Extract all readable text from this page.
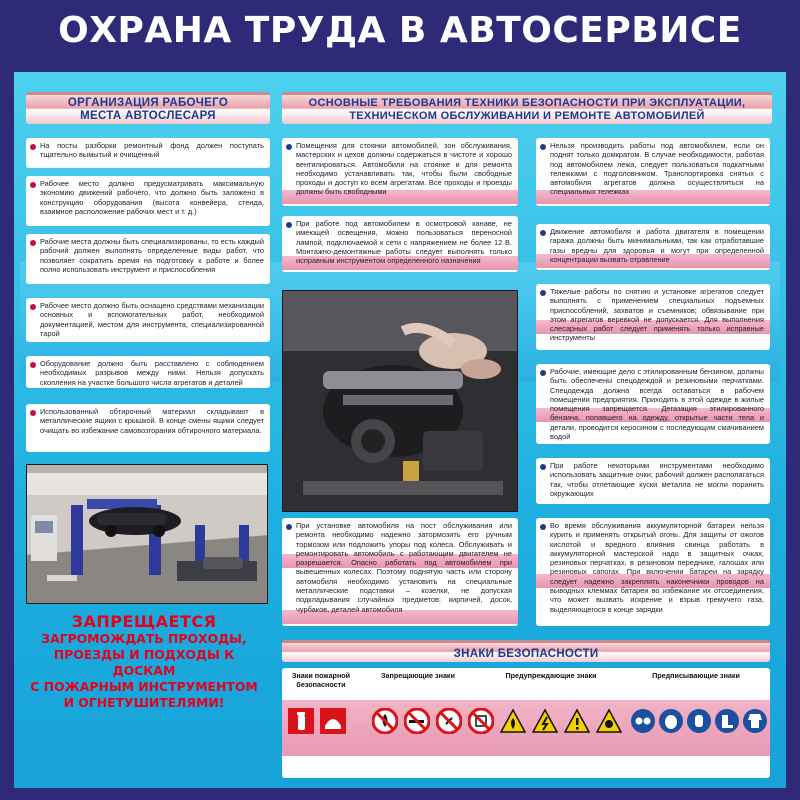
ОХРАНА ТРУДА В АВТОСЕРВИСЕ
ОРГАНИЗАЦИЯ РАБОЧЕГО
МЕСТА АВТОСЛЕСАРЯ
ОСНОВНЫЕ ТРЕБОВАНИЯ ТЕХНИКИ БЕЗОПАСНОСТИ ПРИ ЭКСПЛУАТАЦИИ,
ТЕХНИЧЕСКОМ ОБСЛУЖИВАНИИ И РЕМОНТЕ АВТОМОБИЛЕЙ

На посты разборки ремонтный фонд должен поступать тщательно вымытый и очищенный

Рабочее место должно предусматривать максимальную экономию движений рабочего, что должно быть заложено в конструкцию оборудования (высота конвейера, стенда, взаимное расположение рабочих мест и т. д.)

Рабочие места должны быть специализированы, то есть каждый рабочий должен выполнять определенные виды работ, что позволяет сократить время на подготовку к работе и более полно использовать инструмент и приспособления

Рабочее место должно быть оснащено средствами механизации основных и вспомогательных работ, необходимой документацией, местом для инструмента, специализированной тарой

Оборудование должно быть расставлено с соблюдением необходимых разрывов между ними. Нельзя допускать скопления на участке большого числа агрегатов и деталей

Использованный обтирочный материал складывают в металлические ящики с крышкой. В конце смены ящики следует очищать во избежание самовозгорания обтирочного материала.

ЗАПРЕЩАЕТСЯ
ЗАГРОМОЖДАТЬ ПРОХОДЫ,
ПРОЕЗДЫ И ПОДХОДЫ К ДОСКАМ
С ПОЖАРНЫМ ИНСТРУМЕНТОМ
И ОГНЕТУШИТЕЛЯМИ!

Помещения для стоянки автомобилей, зон обслуживания, мастерских и цехов должны содержаться в чистоте и хорошо вентилироваться. Автомобили на стоянке и для ремонта необходимо устанавливать так, чтобы были свободные проходы и доступ ко всем агрегатам. Все проходы и проезды должны быть свободными

При работе под автомобилем в осмотровой канаве, не имеющей освещения, можно пользоваться переносной лампой, подключаемой к сети с напряжением не более 12 В. Монтажно-демонтажные работы следует выполнять только исправным инструментом определенного назначения

При установке автомобиля на пост обслуживания или ремонта необходимо надежно затормозить его ручным тормозом или подложить упоры под колеса. Обслуживать и ремонтировать автомобиль с работающим двигателем не разрешается. Опасно работать под автомобилем при вывешенных колесах. Поэтому поднятую часть или сторону автомобиля необходимо установить на специальные металлические подставки – козелки, не допуская подкладывания случайных предметов: кирпичей, досок, чурбаков, деталей автомобиля

Нельзя производить работы под автомобилем, если он поднят только домкратом. В случае необходимости, работая под автомобилем лежа, следует пользоваться подкатными тележками с подголовником. Транспортировка снятых с автомобиля агрегатов должна осуществляться на специальных тележках

Движение автомобиля и работа двигателя в помещении гаража должны быть минимальными, так как отработавшие газы вредны для здоровья и могут при определенной концентрации вызвать отравление

Тяжелые работы по снятию и установке агрегатов следует выполнять с применением специальных подъемных приспособлений, захватов и съемников; обвязывание при этом агрегатов веревкой не допускается. Для выполнения слесарных работ следует применять только исправные инструменты

Рабочие, имеющие дело с этилированным бензином, должны быть обеспечены спецодеждой и резиновыми перчатками. Спецодежда должна всегда оставаться в рабочем помещении предприятия. Приходить в этой одежде в жилые помещения запрещается. Дегазация этилированного бензина, попавшего на одежду, открытые части тела и детали, проводится керосином с последующим смачиванием водой

При работе некоторыми инструментами необходимо использовать защитные очки; рабочий должен располагаться так, чтобы отлетающие куски металла не могли поранить окружающих

Во время обслуживания аккумуляторной батареи нельзя курить и применять открытый огонь. Для защиты от ожогов кислотой и вредного влияния свинца работать в аккумуляторной мастерской надо в защитных очках, резиновых перчатках, в резиновом переднике, галошах или резиновых сапогах. При включении батареи на зарядку следует надежно закреплять наконечники проводов на выводных клеммах батареи во избежание их отсоединения, что может вызвать искрение и взрыв гремучего газа, выделяющегося в конце зарядки

ЗНАКИ БЕЗОПАСНОСТИ
Знаки пожарной безопасности
Запрещающие знаки	Предупреждающие знаки	Предписывающие знаки
